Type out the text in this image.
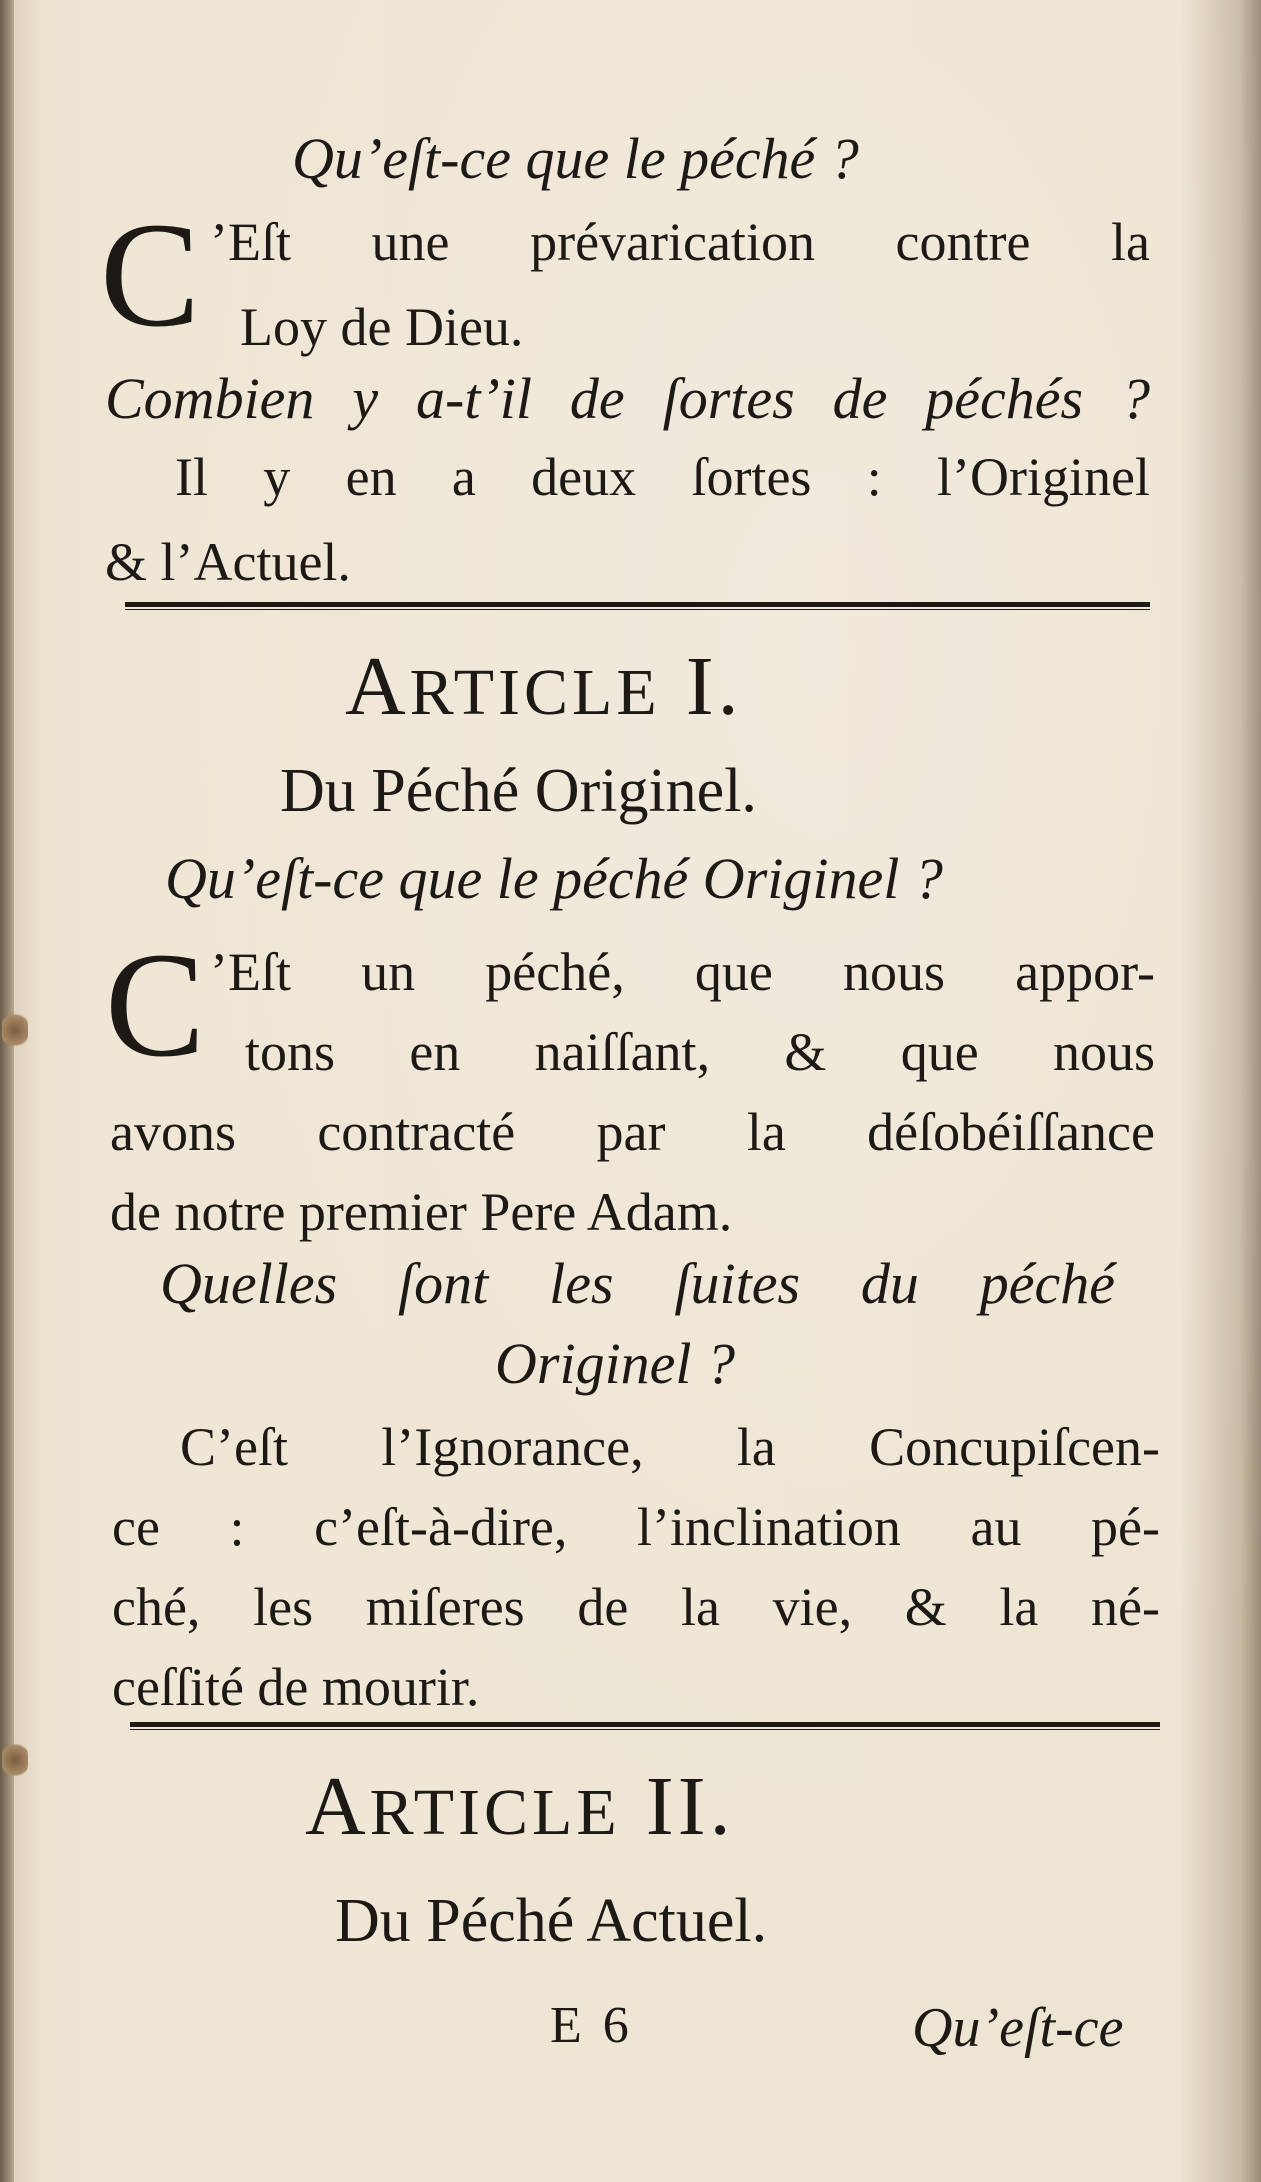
Qu’eſt-ce que le péché ?
C ’Eſt une prévarication contre la
Loy de Dieu.
Combien y a-t’il de ſortes de péchés ?
Il y en a deux ſortes : l’Originel
& l’Actuel.
ARTICLE I.
Du Péché Originel.
Qu’eſt-ce que le péché Originel ?
C ’Eſt un péché, que nous appor-
tons en naiſſant, & que nous
avons contracté par la déſobéiſſance
de notre premier Pere Adam.
Quelles ſont les ſuites du péché
Originel ?
C’eſt l’Ignorance, la Concupiſcen-
ce : c’eſt-à-dire, l’inclination au pé-
ché, les miſeres de la vie, & la né-
ceſſité de mourir.
ARTICLE II.
Du Péché Actuel.
E 6	Qu’eſt-ce
